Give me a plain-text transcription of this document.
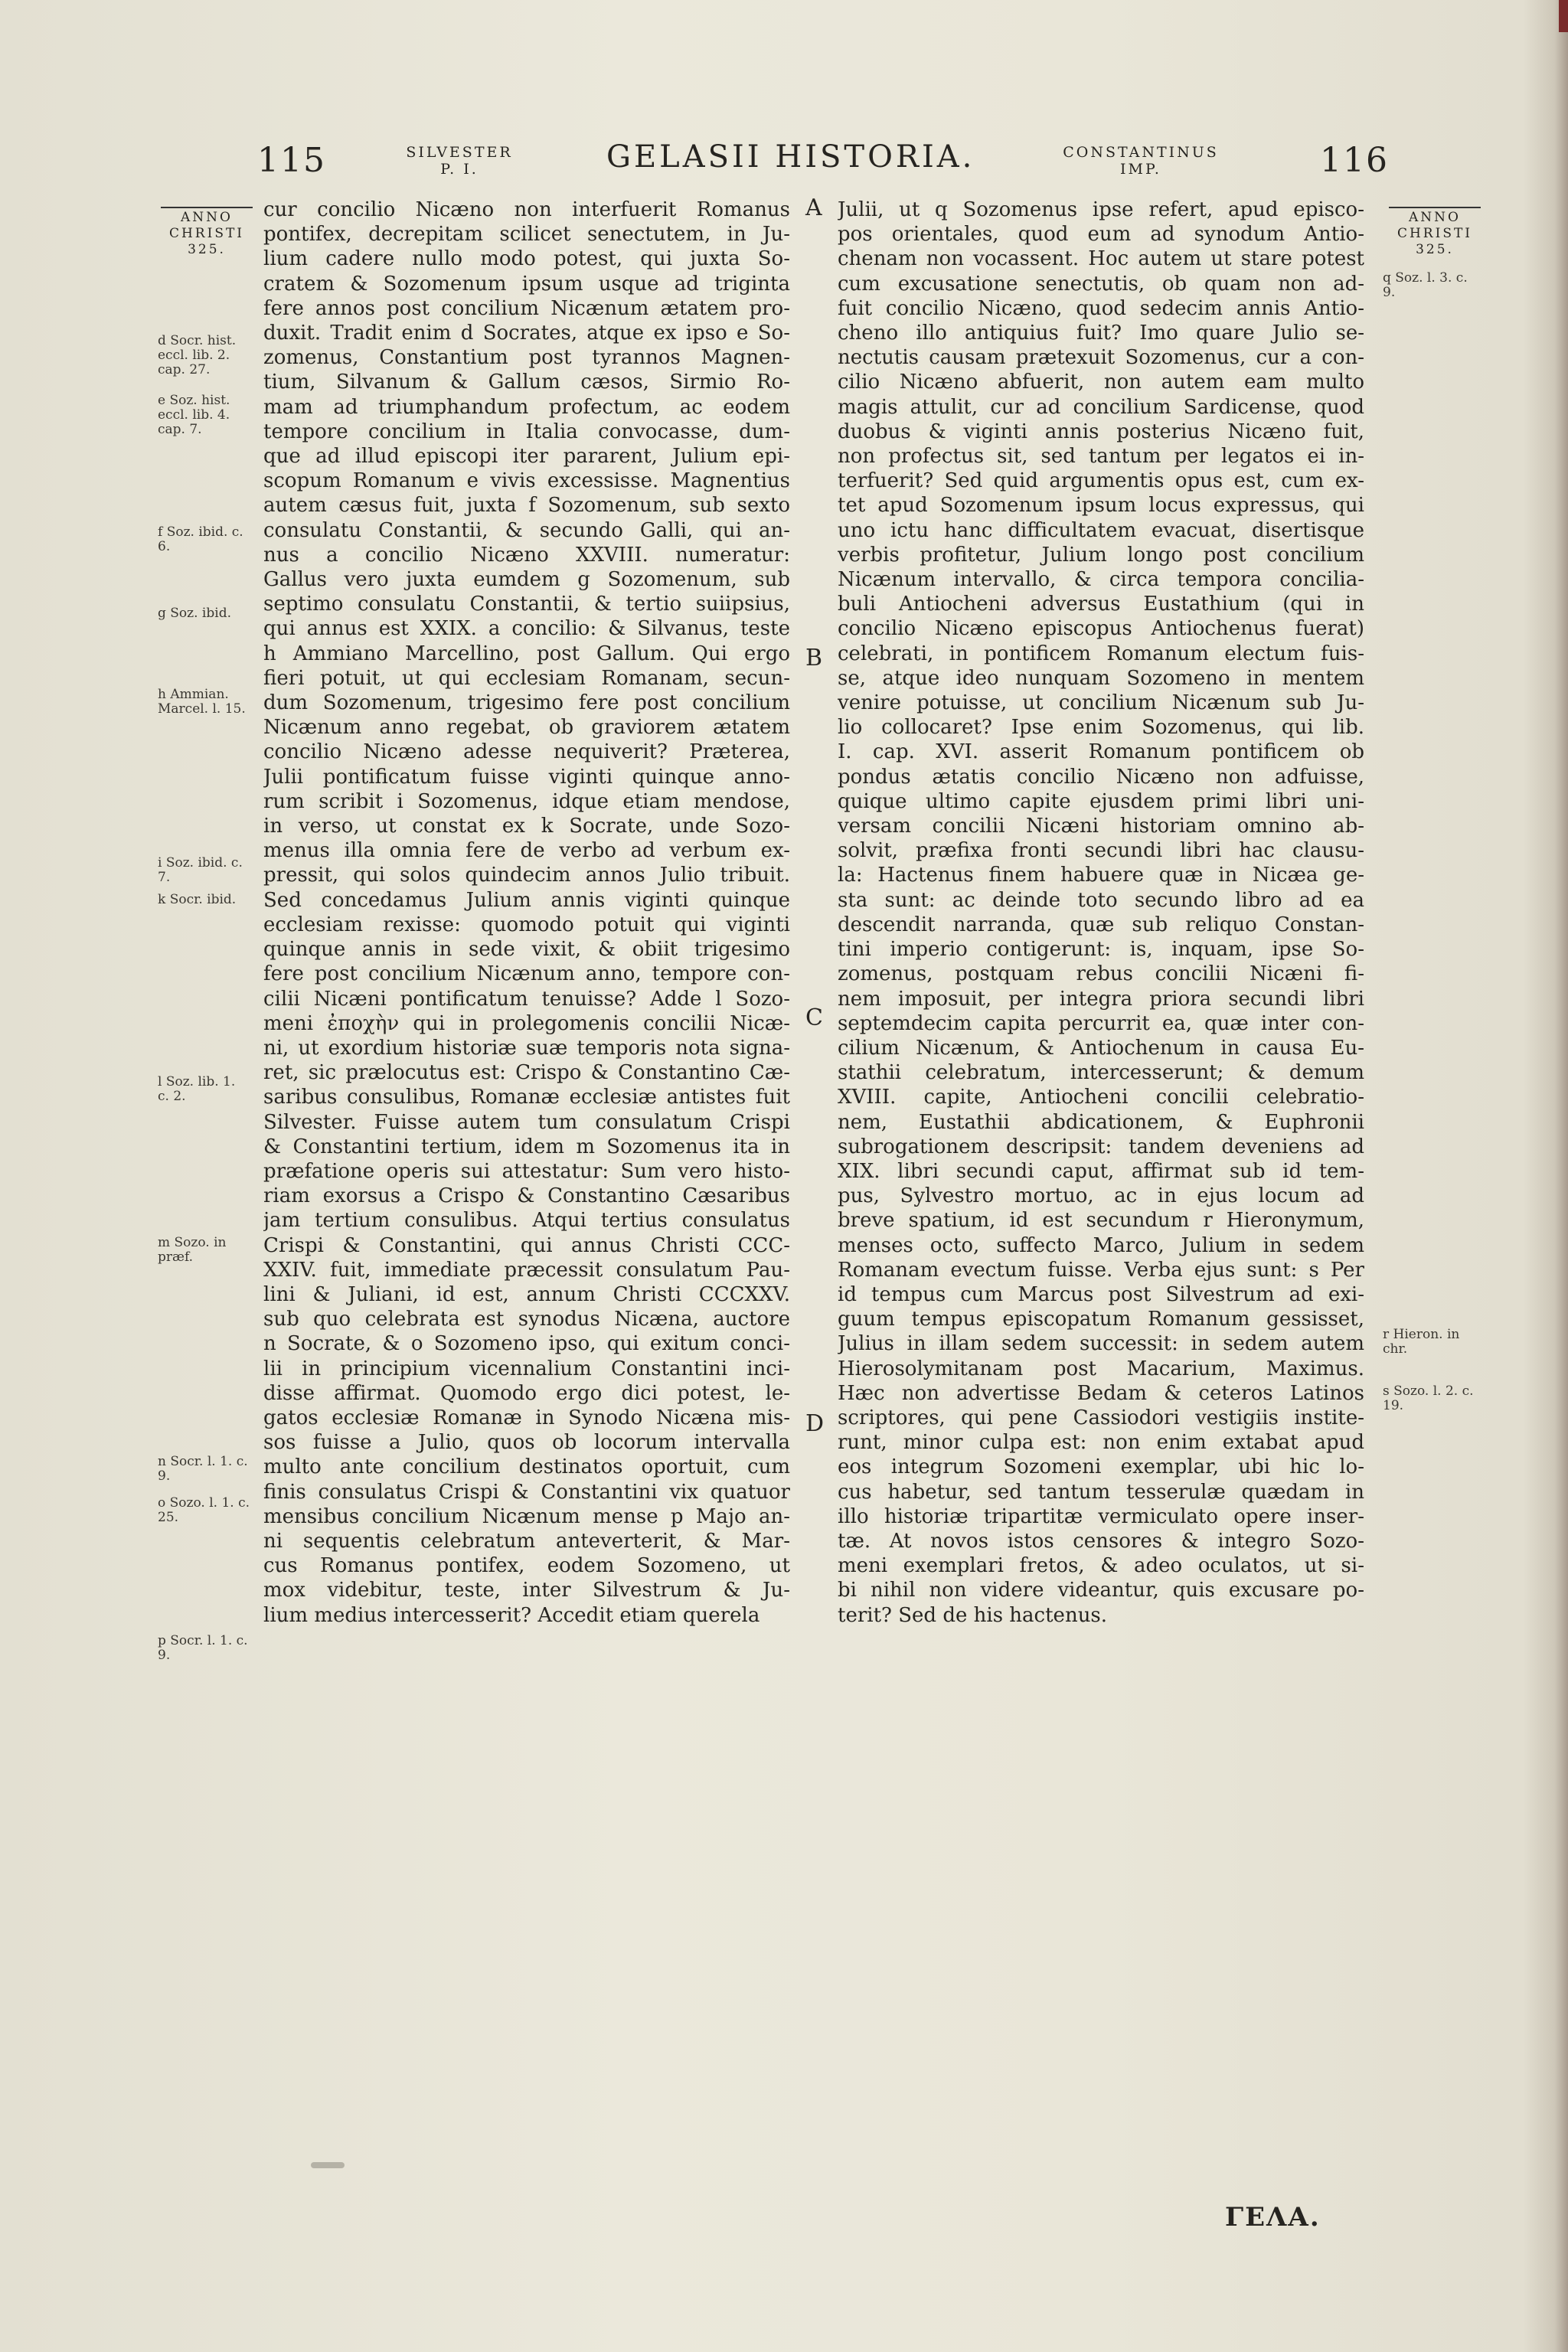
115	SILVESTER
P. I.	GELASII HISTORIA.	CONSTANTINUS
IMP.	116
ANNO
CHRISTI
325.
ANNO
CHRISTI
325.
d Socr. hist. eccl. lib. 2. cap. 27.
e Soz. hist. eccl. lib. 4. cap. 7.
f Soz. ibid. c. 6.
g Soz. ibid.
h Ammian. Marcel. l. 15.
i Soz. ibid. c. 7.
k Socr. ibid.
l Soz. lib. 1. c. 2.
m Sozo. in præf.
n Socr. l. 1. c. 9.
o Sozo. l. 1. c. 25.
p Socr. l. 1. c. 9.
q Soz. l. 3. c. 9.
r Hieron. in chr.
s Sozo. l. 2. c. 19.
A
B
C
D
cur concilio Nicæno non interfuerit Romanus
pontifex, decrepitam scilicet senectutem, in Ju-
lium cadere nullo modo potest, qui juxta So-
cratem & Sozomenum ipsum usque ad triginta
fere annos post concilium Nicænum ætatem pro-
duxit. Tradit enim d Socrates, atque ex ipso e So-
zomenus, Constantium post tyrannos Magnen-
tium, Silvanum & Gallum cæsos, Sirmio Ro-
mam ad triumphandum profectum, ac eodem
tempore concilium in Italia convocasse, dum-
que ad illud episcopi iter pararent, Julium epi-
scopum Romanum e vivis excessisse. Magnentius
autem cæsus fuit, juxta f Sozomenum, sub sexto
consulatu Constantii, & secundo Galli, qui an-
nus a concilio Nicæno XXVIII. numeratur:
Gallus vero juxta eumdem g Sozomenum, sub
septimo consulatu Constantii, & tertio suiipsius,
qui annus est XXIX. a concilio: & Silvanus, teste
h Ammiano Marcellino, post Gallum. Qui ergo
fieri potuit, ut qui ecclesiam Romanam, secun-
dum Sozomenum, trigesimo fere post concilium
Nicænum anno regebat, ob graviorem ætatem
concilio Nicæno adesse nequiverit? Præterea,
Julii pontificatum fuisse viginti quinque anno-
rum scribit i Sozomenus, idque etiam mendose,
in verso, ut constat ex k Socrate, unde Sozo-
menus illa omnia fere de verbo ad verbum ex-
pressit, qui solos quindecim annos Julio tribuit.
Sed concedamus Julium annis viginti quinque
ecclesiam rexisse: quomodo potuit qui viginti
quinque annis in sede vixit, & obiit trigesimo
fere post concilium Nicænum anno, tempore con-
cilii Nicæni pontificatum tenuisse? Adde l Sozo-
meni ἐποχὴν qui in prolegomenis concilii Nicæ-
ni, ut exordium historiæ suæ temporis nota signa-
ret, sic prælocutus est: Crispo & Constantino Cæ-
saribus consulibus, Romanæ ecclesiæ antistes fuit
Silvester. Fuisse autem tum consulatum Crispi
& Constantini tertium, idem m Sozomenus ita in
præfatione operis sui attestatur: Sum vero histo-
riam exorsus a Crispo & Constantino Cæsaribus
jam tertium consulibus. Atqui tertius consulatus
Crispi & Constantini, qui annus Christi CCC-
XXIV. fuit, immediate præcessit consulatum Pau-
lini & Juliani, id est, annum Christi CCCXXV.
sub quo celebrata est synodus Nicæna, auctore
n Socrate, & o Sozomeno ipso, qui exitum conci-
lii in principium vicennalium Constantini inci-
disse affirmat. Quomodo ergo dici potest, le-
gatos ecclesiæ Romanæ in Synodo Nicæna mis-
sos fuisse a Julio, quos ob locorum intervalla
multo ante concilium destinatos oportuit, cum
finis consulatus Crispi & Constantini vix quatuor
mensibus concilium Nicænum mense p Majo an-
ni sequentis celebratum anteverterit, & Mar-
cus Romanus pontifex, eodem Sozomeno, ut
mox videbitur, teste, inter Silvestrum & Ju-
lium medius intercesserit? Accedit etiam querela
Julii, ut q Sozomenus ipse refert, apud episco-
pos orientales, quod eum ad synodum Antio-
chenam non vocassent. Hoc autem ut stare potest
cum excusatione senectutis, ob quam non ad-
fuit concilio Nicæno, quod sedecim annis Antio-
cheno illo antiquius fuit? Imo quare Julio se-
nectutis causam prætexuit Sozomenus, cur a con-
cilio Nicæno abfuerit, non autem eam multo
magis attulit, cur ad concilium Sardicense, quod
duobus & viginti annis posterius Nicæno fuit,
non profectus sit, sed tantum per legatos ei in-
terfuerit? Sed quid argumentis opus est, cum ex-
tet apud Sozomenum ipsum locus expressus, qui
uno ictu hanc difficultatem evacuat, disertisque
verbis profitetur, Julium longo post concilium
Nicænum intervallo, & circa tempora concilia-
buli Antiocheni adversus Eustathium (qui in
concilio Nicæno episcopus Antiochenus fuerat)
celebrati, in pontificem Romanum electum fuis-
se, atque ideo nunquam Sozomeno in mentem
venire potuisse, ut concilium Nicænum sub Ju-
lio collocaret? Ipse enim Sozomenus, qui lib.
I. cap. XVI. asserit Romanum pontificem ob
pondus ætatis concilio Nicæno non adfuisse,
quique ultimo capite ejusdem primi libri uni-
versam concilii Nicæni historiam omnino ab-
solvit, præfixa fronti secundi libri hac clausu-
la: Hactenus finem habuere quæ in Nicæa ge-
sta sunt: ac deinde toto secundo libro ad ea
descendit narranda, quæ sub reliquo Constan-
tini imperio contigerunt: is, inquam, ipse So-
zomenus, postquam rebus concilii Nicæni fi-
nem imposuit, per integra priora secundi libri
septemdecim capita percurrit ea, quæ inter con-
cilium Nicænum, & Antiochenum in causa Eu-
stathii celebratum, intercesserunt; & demum
XVIII. capite, Antiocheni concilii celebratio-
nem, Eustathii abdicationem, & Euphronii
subrogationem descripsit: tandem deveniens ad
XIX. libri secundi caput, affirmat sub id tem-
pus, Sylvestro mortuo, ac in ejus locum ad
breve spatium, id est secundum r Hieronymum,
menses octo, suffecto Marco, Julium in sedem
Romanam evectum fuisse. Verba ejus sunt: s Per
id tempus cum Marcus post Silvestrum ad exi-
guum tempus episcopatum Romanum gessisset,
Julius in illam sedem successit: in sedem autem
Hierosolymitanam post Macarium, Maximus.
Hæc non advertisse Bedam & ceteros Latinos
scriptores, qui pene Cassiodori vestigiis instite-
runt, minor culpa est: non enim extabat apud
eos integrum Sozomeni exemplar, ubi hic lo-
cus habetur, sed tantum tesserulæ quædam in
illo historiæ tripartitæ vermiculato opere inser-
tæ. At novos istos censores & integro Sozo-
meni exemplari fretos, & adeo oculatos, ut si-
bi nihil non videre videantur, quis excusare po-
terit? Sed de his hactenus.
ΓΕΛΑ.
